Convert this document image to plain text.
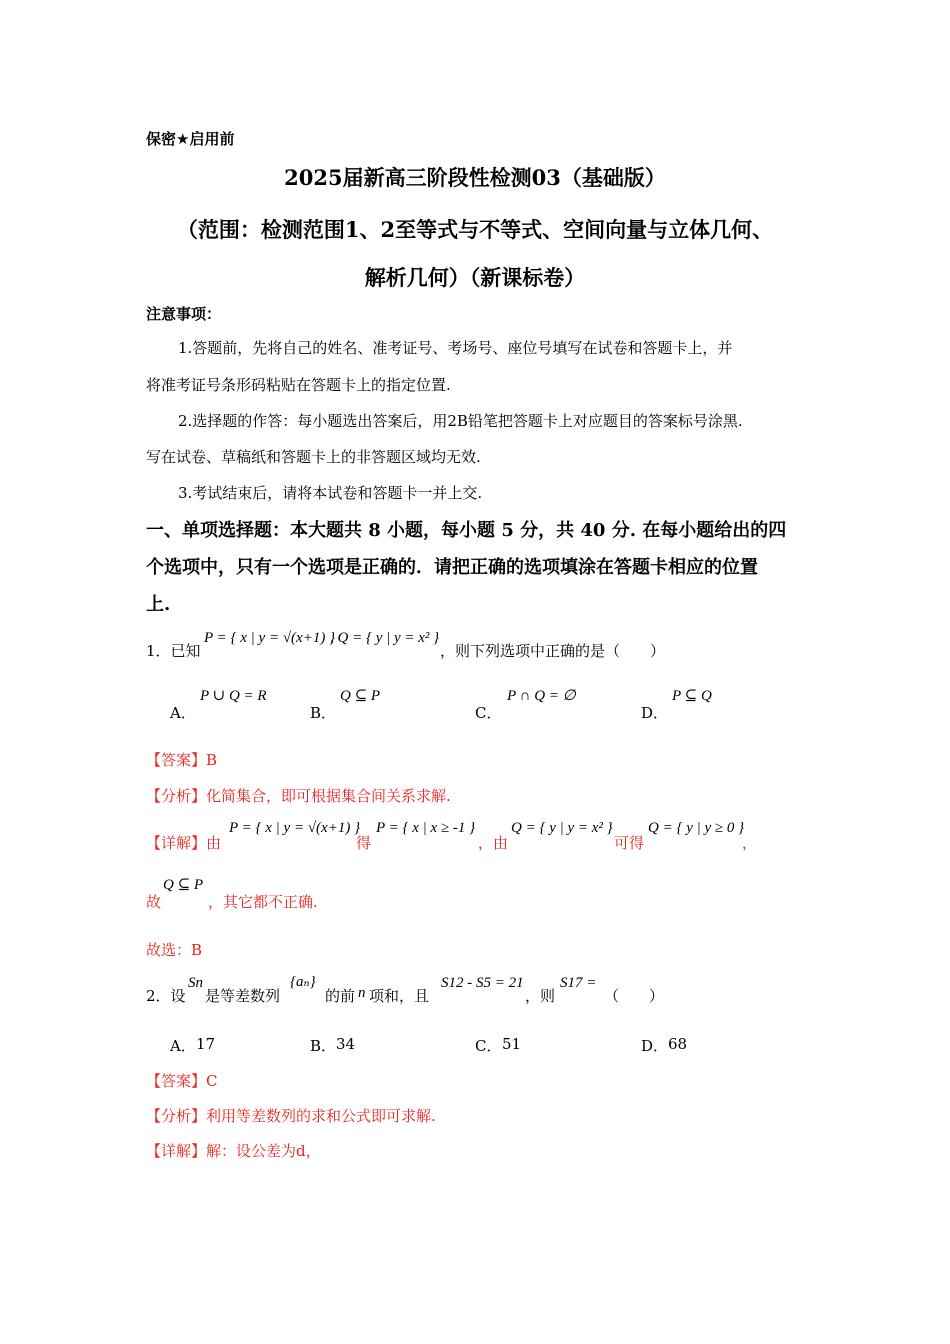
保密★启用前
2025届新高三阶段性检测03（基础版）
（范围：检测范围1、2至等式与不等式、空间向量与立体几何、
解析几何）（新课标卷）
注意事项：
1.答题前，先将自己的姓名、准考证号、考场号、座位号填写在试卷和答题卡上，并
将准考证号条形码粘贴在答题卡上的指定位置.
2.选择题的作答：每小题选出答案后，用2B铅笔把答题卡上对应题目的答案标号涂黑.
写在试卷、草稿纸和答题卡上的非答题区域均无效.
3.考试结束后，请将本试卷和答题卡一并上交.
一、单项选择题：本大题共 8 小题，每小题 5 分，共 40 分. 在每小题给出的四
个选项中，只有一个选项是正确的．请把正确的选项填涂在答题卡相应的位置
上.
1．已知
P = { x | y = √(x+1) }
, Q = { y | y = x² }
，则下列选项中正确的是（　　）
A．
P ∪ Q = R
B．
Q ⊆ P
C．
P ∩ Q = ∅
D．
P ⊆ Q
【答案】B
【分析】化简集合，即可根据集合间关系求解.
【详解】由
P = { x | y = √(x+1) }
得
P = { x | x ≥ -1 }
，由
Q = { y | y = x² }
可得
Q = { y | y ≥ 0 }
，
故
Q ⊆ P
，其它都不正确.
故选：B
2．设
Sn
是等差数列
{aₙ}
的前 n 项和，且
S12 - S5 = 21
，则
S17 =
（　　）
A． 17	B． 34	C． 51	D． 68
【答案】C
【分析】利用等差数列的求和公式即可求解.
【详解】解：设公差为d，
